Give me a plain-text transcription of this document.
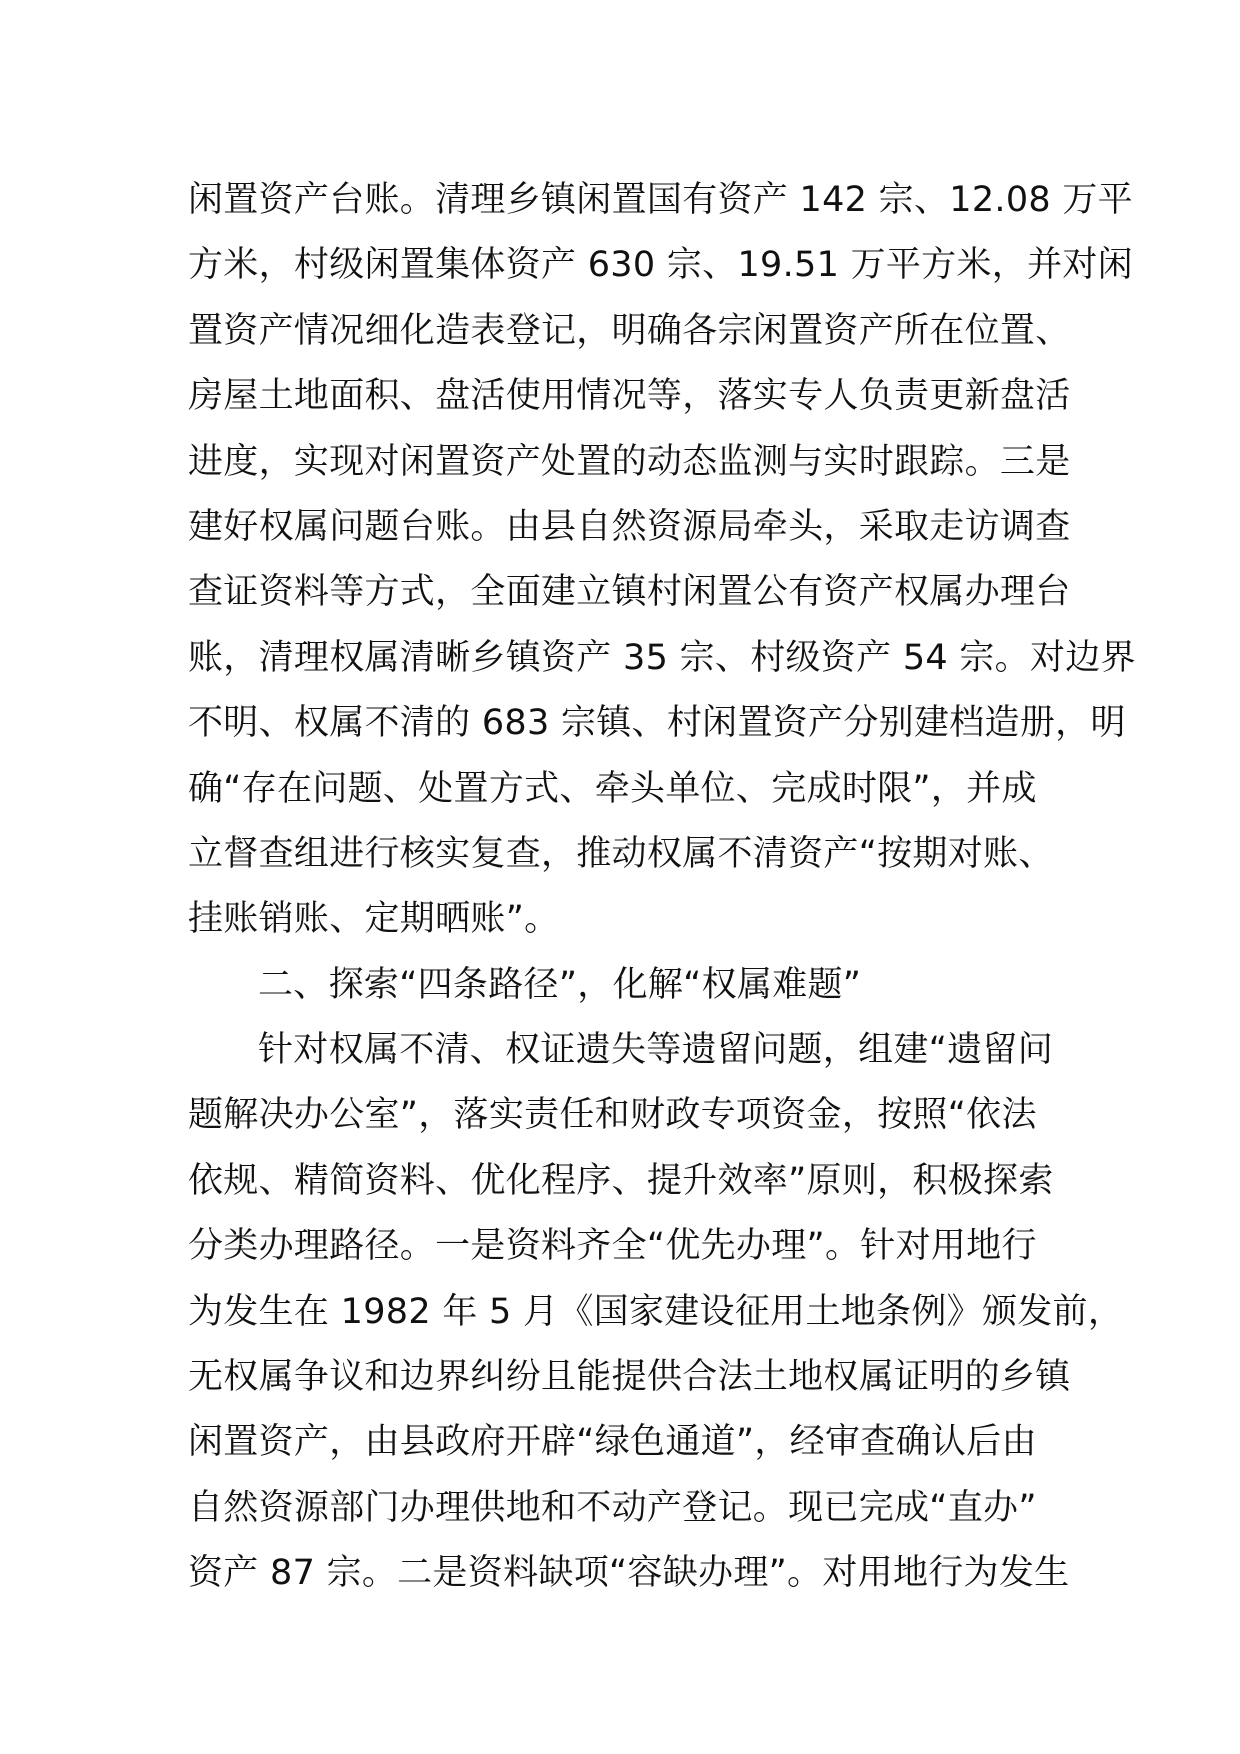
闲置资产台账。清理乡镇闲置国有资产 142 宗、12.08 万平
方米，村级闲置集体资产 630 宗、19.51 万平方米，并对闲
置资产情况细化造表登记，明确各宗闲置资产所在位置、
房屋土地面积、盘活使用情况等，落实专人负责更新盘活
进度，实现对闲置资产处置的动态监测与实时跟踪。三是
建好权属问题台账。由县自然资源局牵头，采取走访调查
查证资料等方式，全面建立镇村闲置公有资产权属办理台
账，清理权属清晰乡镇资产 35 宗、村级资产 54 宗。对边界
不明、权属不清的 683 宗镇、村闲置资产分别建档造册，明
确“存在问题、处置方式、牵头单位、完成时限”，并成
立督查组进行核实复查，推动权属不清资产“按期对账、
挂账销账、定期晒账”。
二、探索“四条路径”，化解“权属难题”
针对权属不清、权证遗失等遗留问题，组建“遗留问
题解决办公室”，落实责任和财政专项资金，按照“依法
依规、精简资料、优化程序、提升效率”原则，积极探索
分类办理路径。一是资料齐全“优先办理”。针对用地行
为发生在 1982 年 5 月《国家建设征用土地条例》颁发前，
无权属争议和边界纠纷且能提供合法土地权属证明的乡镇
闲置资产，由县政府开辟“绿色通道”，经审查确认后由
自然资源部门办理供地和不动产登记。现已完成“直办”
资产 87 宗。二是资料缺项“容缺办理”。对用地行为发生
